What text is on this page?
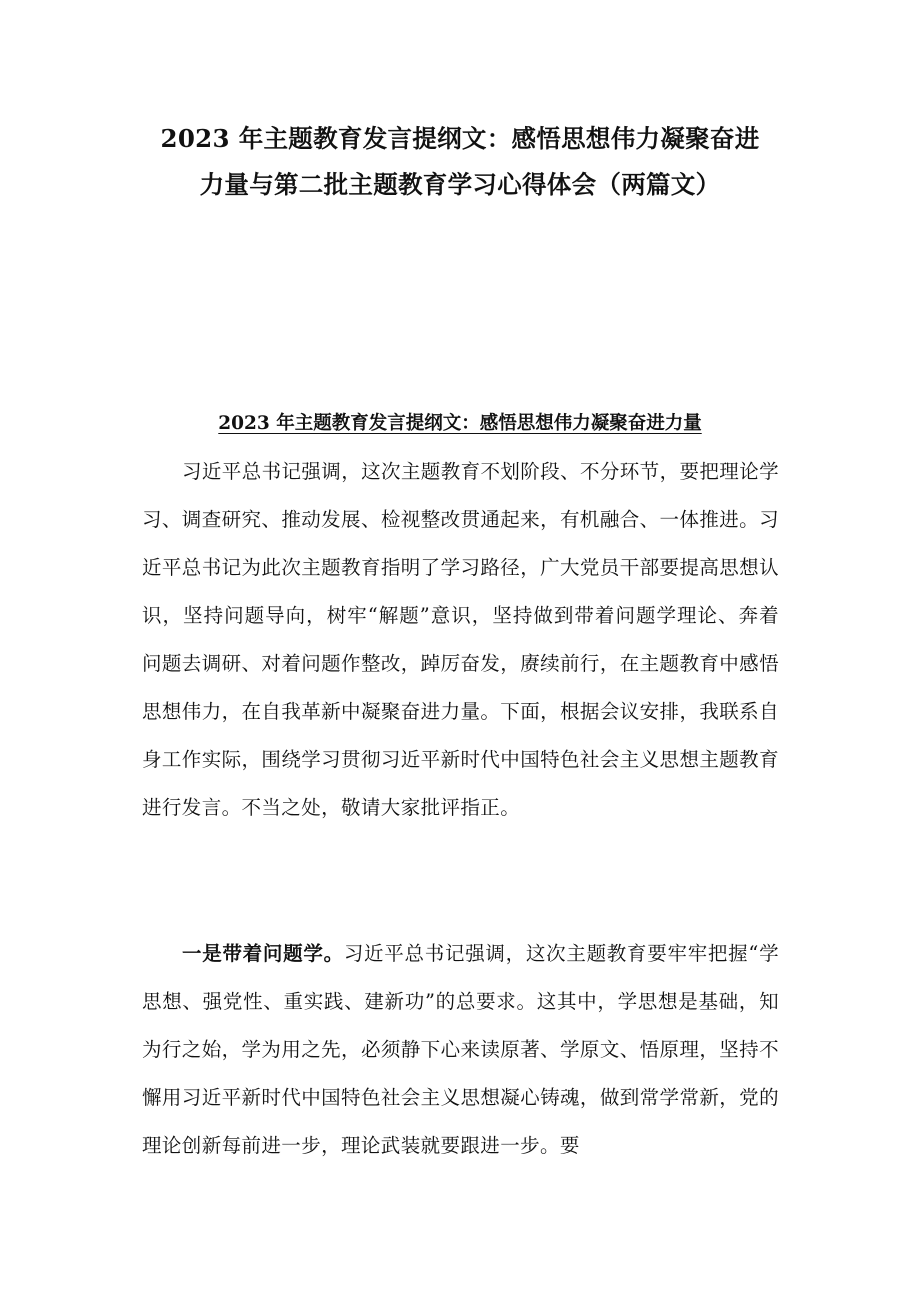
2023 年主题教育发言提纲文：感悟思想伟力凝聚奋进
力量与第二批主题教育学习心得体会（两篇文）
2023 年主题教育发言提纲文：感悟思想伟力凝聚奋进力量

习近平总书记强调，这次主题教育不划阶段、不分环节，要把理论学习、调查研究、推动发展、检视整改贯通起来，有机融合、一体推进。习近平总书记为此次主题教育指明了学习路径，广大党员干部要提高思想认识，坚持问题导向，树牢“解题”意识，坚持做到带着问题学理论、奔着问题去调研、对着问题作整改，踔厉奋发，赓续前行，在主题教育中感悟思想伟力，在自我革新中凝聚奋进力量。下面，根据会议安排，我联系自身工作实际，围绕学习贯彻习近平新时代中国特色社会主义思想主题教育进行发言。不当之处，敬请大家批评指正。

一是带着问题学。习近平总书记强调，这次主题教育要牢牢把握“学思想、强党性、重实践、建新功”的总要求。这其中，学思想是基础，知为行之始，学为用之先，必须静下心来读原著、学原文、悟原理，坚持不懈用习近平新时代中国特色社会主义思想凝心铸魂，做到常学常新，党的理论创新每前进一步，理论武装就要跟进一步。要
